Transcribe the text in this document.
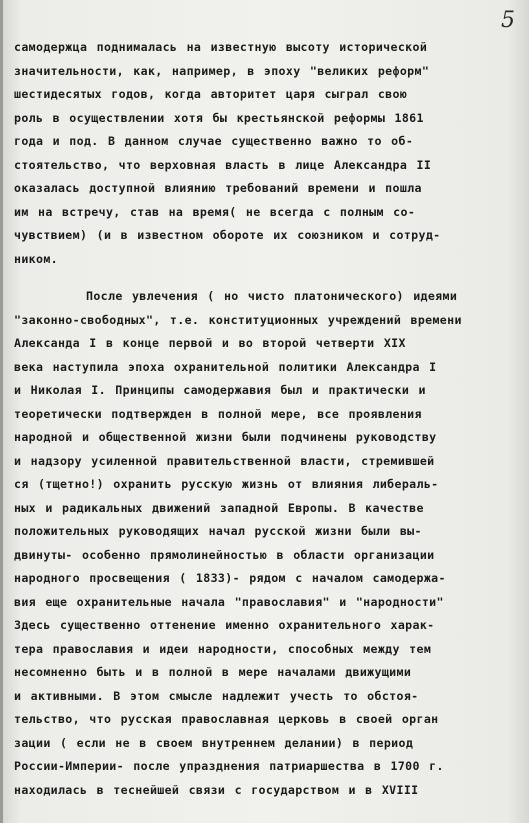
5
самодержца поднималась на известную высоту исторической
значительности, как, например, в эпоху "великих реформ"
шестидесятых годов, когда авторитет царя сыграл свою
роль в осуществлении хотя бы крестьянской реформы 1861
года и под. В данном случае существенно важно то об-
стоятельство, что верховная власть в лице Александра II
оказалась доступной влиянию требований времени и пошла
им на встречу, став на время( не всегда с полным со-
чувствием) (и в известном обороте их союзником и сотруд-
ником.
После увлечения ( но чисто платонического) идеями
"законно-свободных", т.е. конституционных учреждений времени
Александа I в конце первой и во второй четверти XIX
века наступила эпоха охранительной политики Александра I
и Николая I. Принципы самодержавия был и практически и
теоретически подтвержден в полной мере, все проявления
народной и общественной жизни были подчинены руководству
и надзору усиленной правительственной власти, стремившей
ся (тщетно!) охранить русскую жизнь от влияния либераль-
ных и радикальных движений западной Европы. В качестве
положительных руководящих начал русской жизни были вы-
двинуты- особенно прямолинейностью в области организации
народного просвещения ( 1833)- рядом с началом самодержа-
вия еще охранительные начала "православия" и "народности"
Здесь существенно оттенение именно охранительного харак-
тера православия и идеи народности, способных между тем
несомненно быть и в полной в мере началами движущими
и активными. В этом смысле надлежит учесть то обстоя-
тельство, что русская православная церковь в своей орган
зации ( если не в своем внутреннем делании) в период
России-Империи- после упразднения патриаршества в 1700 г.
находилась в теснейшей связи с государством и в XVIII
